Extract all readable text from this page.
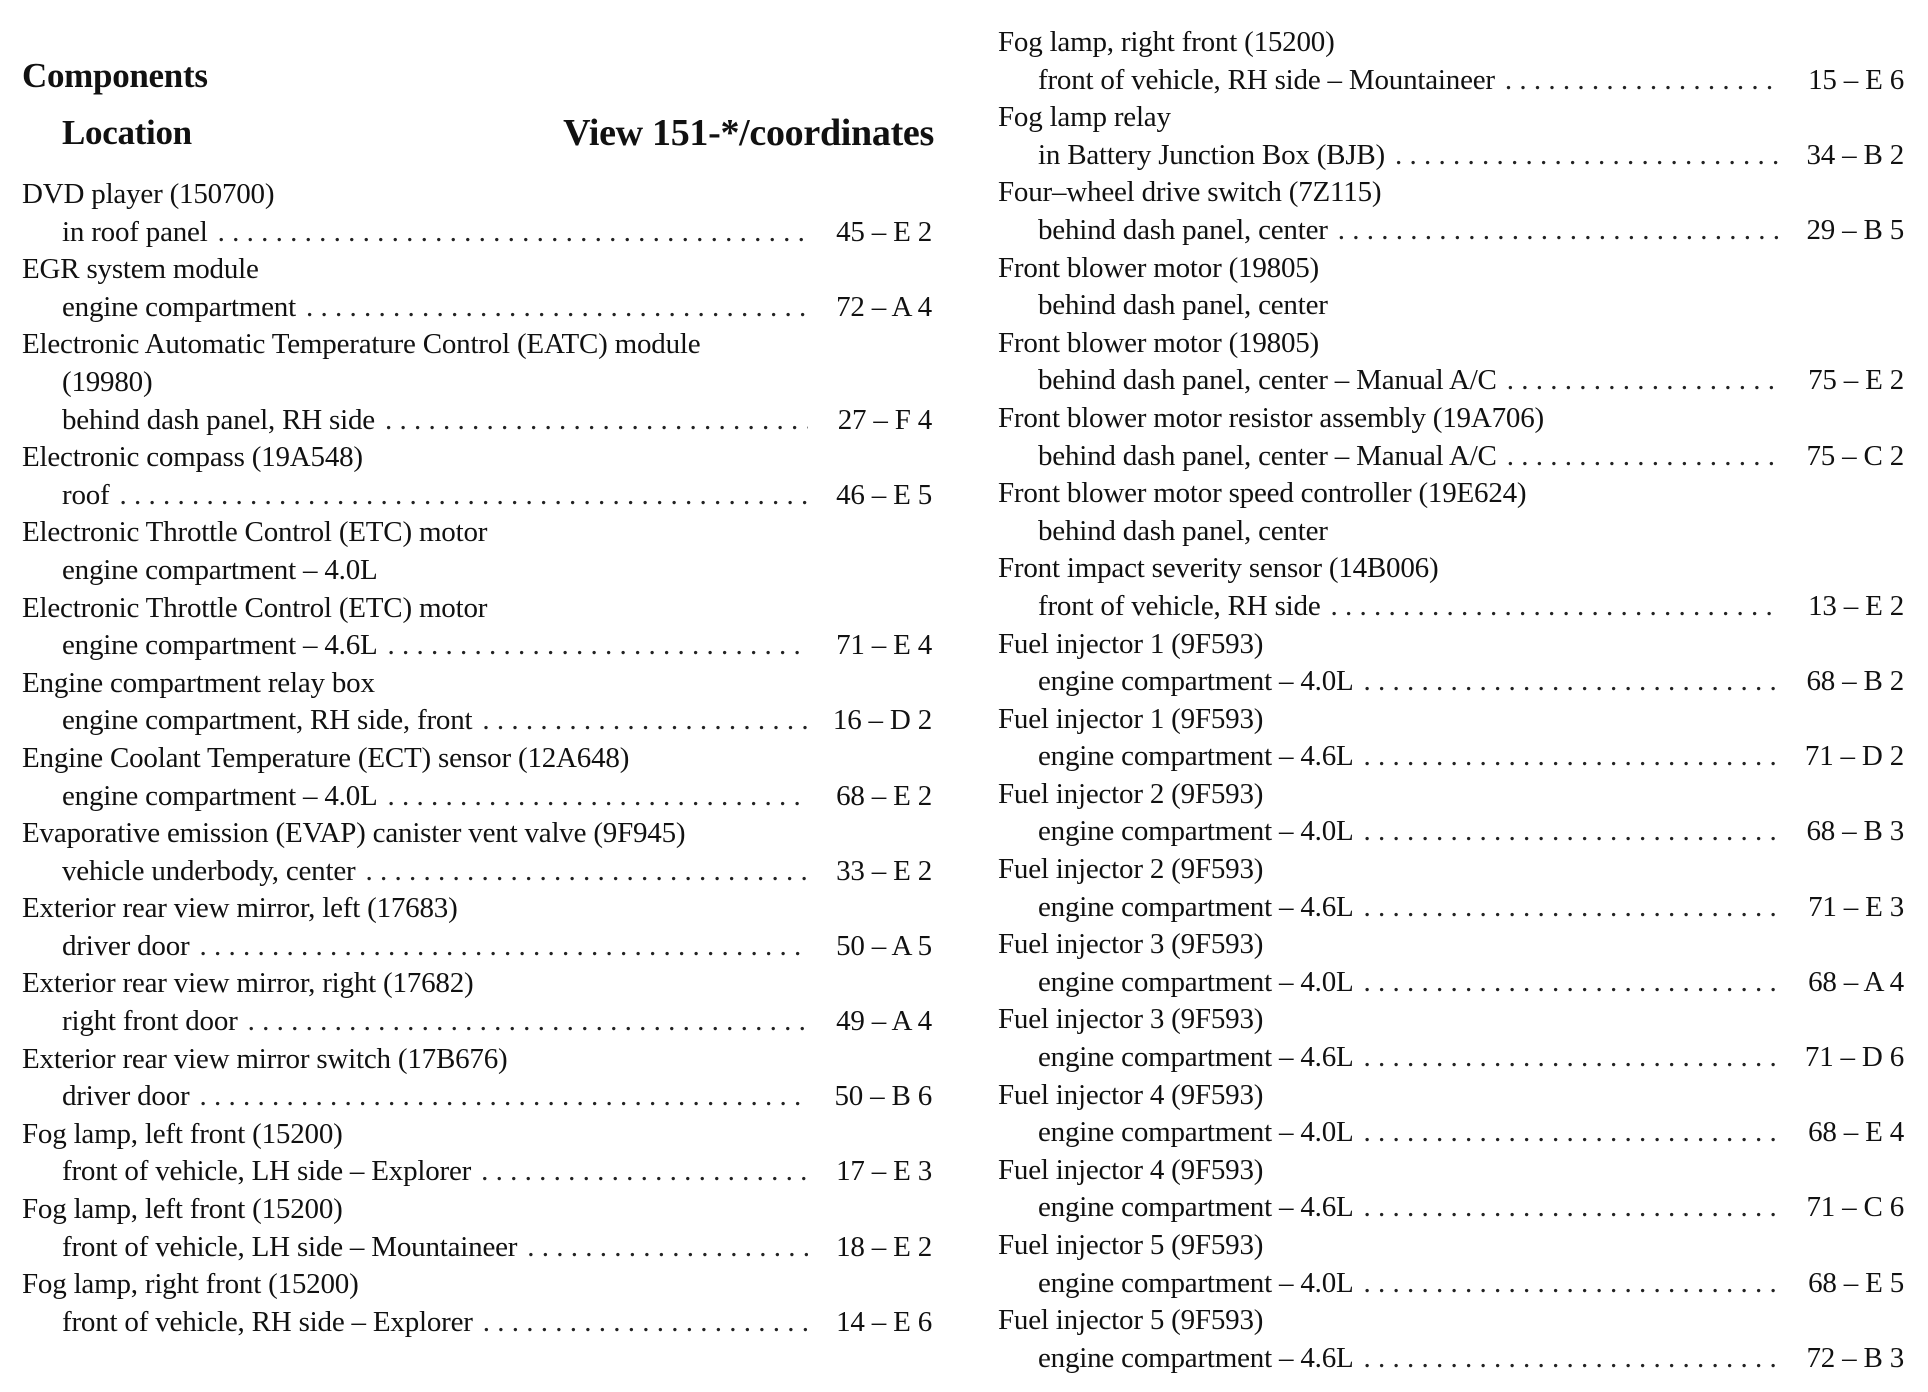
Components
Location	View 151-*/coordinates
DVD player (150700)
in roof panel . . .	45 – E 2
EGR system module
engine compartment . . .	72 – A 4
Electronic Automatic Temperature Control (EATC) module
(19980)
behind dash panel, RH side . . .	27 – F 4
Electronic compass (19A548)
roof . . .	46 – E 5
Electronic Throttle Control (ETC) motor
engine compartment – 4.0L
Electronic Throttle Control (ETC) motor
engine compartment – 4.6L . . .	71 – E 4
Engine compartment relay box
engine compartment, RH side, front . . .	16 – D 2
Engine Coolant Temperature (ECT) sensor (12A648)
engine compartment – 4.0L . . .	68 – E 2
Evaporative emission (EVAP) canister vent valve (9F945)
vehicle underbody, center . . .	33 – E 2
Exterior rear view mirror, left (17683)
driver door . . .	50 – A 5
Exterior rear view mirror, right (17682)
right front door . . .	49 – A 4
Exterior rear view mirror switch (17B676)
driver door . . .	50 – B 6
Fog lamp, left front (15200)
front of vehicle, LH side – Explorer . . .	17 – E 3
Fog lamp, left front (15200)
front of vehicle, LH side – Mountaineer . . .	18 – E 2
Fog lamp, right front (15200)
front of vehicle, RH side – Explorer . . .	14 – E 6
Fog lamp, right front (15200)
front of vehicle, RH side – Mountaineer . . .	15 – E 6
Fog lamp relay
in Battery Junction Box (BJB) . . .	34 – B 2
Four–wheel drive switch (7Z115)
behind dash panel, center . . .	29 – B 5
Front blower motor (19805)
behind dash panel, center
Front blower motor (19805)
behind dash panel, center – Manual A/C . . .	75 – E 2
Front blower motor resistor assembly (19A706)
behind dash panel, center – Manual A/C . . .	75 – C 2
Front blower motor speed controller (19E624)
behind dash panel, center
Front impact severity sensor (14B006)
front of vehicle, RH side . . .	13 – E 2
Fuel injector 1 (9F593)
engine compartment – 4.0L . . .	68 – B 2
Fuel injector 1 (9F593)
engine compartment – 4.6L . . .	71 – D 2
Fuel injector 2 (9F593)
engine compartment – 4.0L . . .	68 – B 3
Fuel injector 2 (9F593)
engine compartment – 4.6L . . .	71 – E 3
Fuel injector 3 (9F593)
engine compartment – 4.0L . . .	68 – A 4
Fuel injector 3 (9F593)
engine compartment – 4.6L . . .	71 – D 6
Fuel injector 4 (9F593)
engine compartment – 4.0L . . .	68 – E 4
Fuel injector 4 (9F593)
engine compartment – 4.6L . . .	71 – C 6
Fuel injector 5 (9F593)
engine compartment – 4.0L . . .	68 – E 5
Fuel injector 5 (9F593)
engine compartment – 4.6L . . .	72 – B 3
